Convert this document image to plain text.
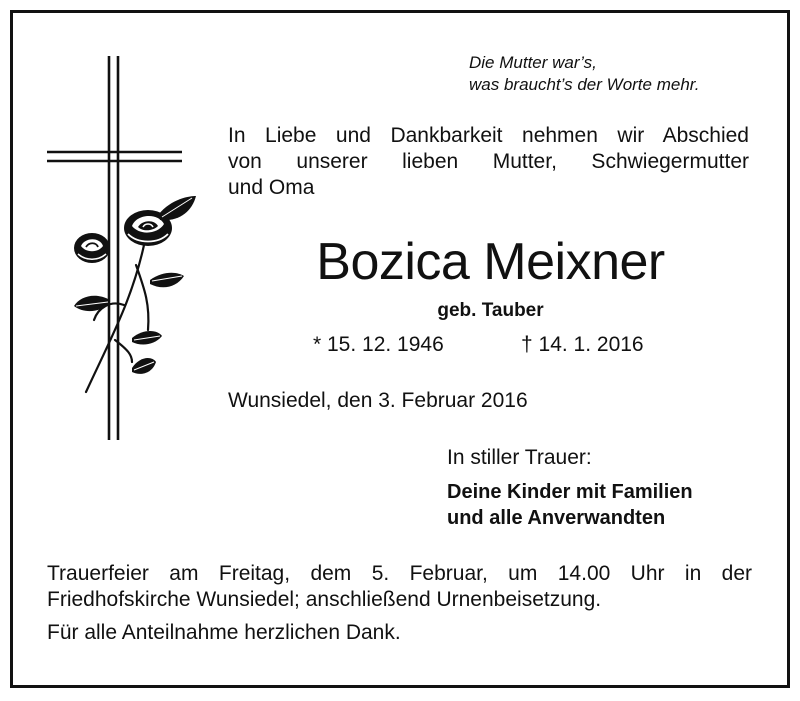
Die Mutter war’s,
was braucht’s der Worte mehr.
In Liebe und Dankbarkeit nehmen wir Abschied
von unserer lieben Mutter, Schwiegermutter
und Oma
Bozica Meixner
geb. Tauber
* 15. 12. 1946	† 14. 1. 2016
Wunsiedel, den 3. Februar 2016
In stiller Trauer:
Deine Kinder mit Familien
und alle Anverwandten
Trauerfeier am Freitag, dem 5. Februar, um 14.00 Uhr in der
Friedhofskirche Wunsiedel; anschließend Urnenbeisetzung.
Für alle Anteilnahme herzlichen Dank.
